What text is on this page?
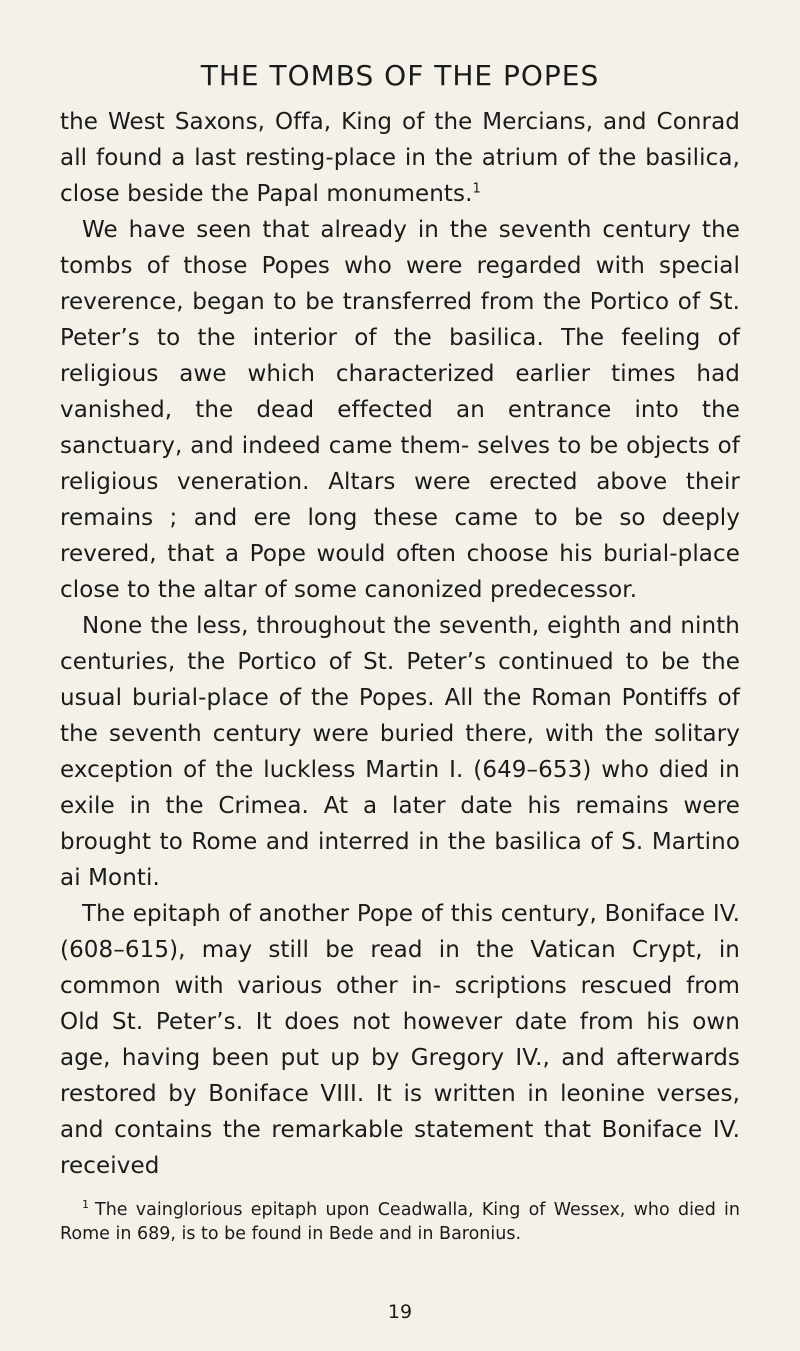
THE TOMBS OF THE POPES

the West Saxons, Offa, King of the Mercians, and Conrad all found a last resting-place in the atrium of the basilica, close beside the Papal monuments.$^1$

We have seen that already in the seventh century the tombs of those Popes who were regarded with special reverence, began to be transferred from the Portico of St. Peter’s to the interior of the basilica. The feeling of religious awe which characterized earlier times had vanished, the dead effected an entrance into the sanctuary, and indeed came them- selves to be objects of religious veneration. Altars were erected above their remains ; and ere long these came to be so deeply revered, that a Pope would often choose his burial-place close to the altar of some canonized predecessor.

None the less, throughout the seventh, eighth and ninth centuries, the Portico of St. Peter’s continued to be the usual burial-place of the Popes. All the Roman Pontiffs of the seventh century were buried there, with the solitary exception of the luckless Martin I. (649–653) who died in exile in the Crimea. At a later date his remains were brought to Rome and interred in the basilica of S. Martino ai Monti.

The epitaph of another Pope of this century, Boniface IV. (608–615), may still be read in the Vatican Crypt, in common with various other in- scriptions rescued from Old St. Peter’s. It does not however date from his own age, having been put up by Gregory IV., and afterwards restored by Boniface VIII. It is written in leonine verses, and contains the remarkable statement that Boniface IV. received

$^1$ The vainglorious epitaph upon Ceadwalla, King of Wessex, who died in Rome in 689, is to be found in Bede and in Baronius.

19
